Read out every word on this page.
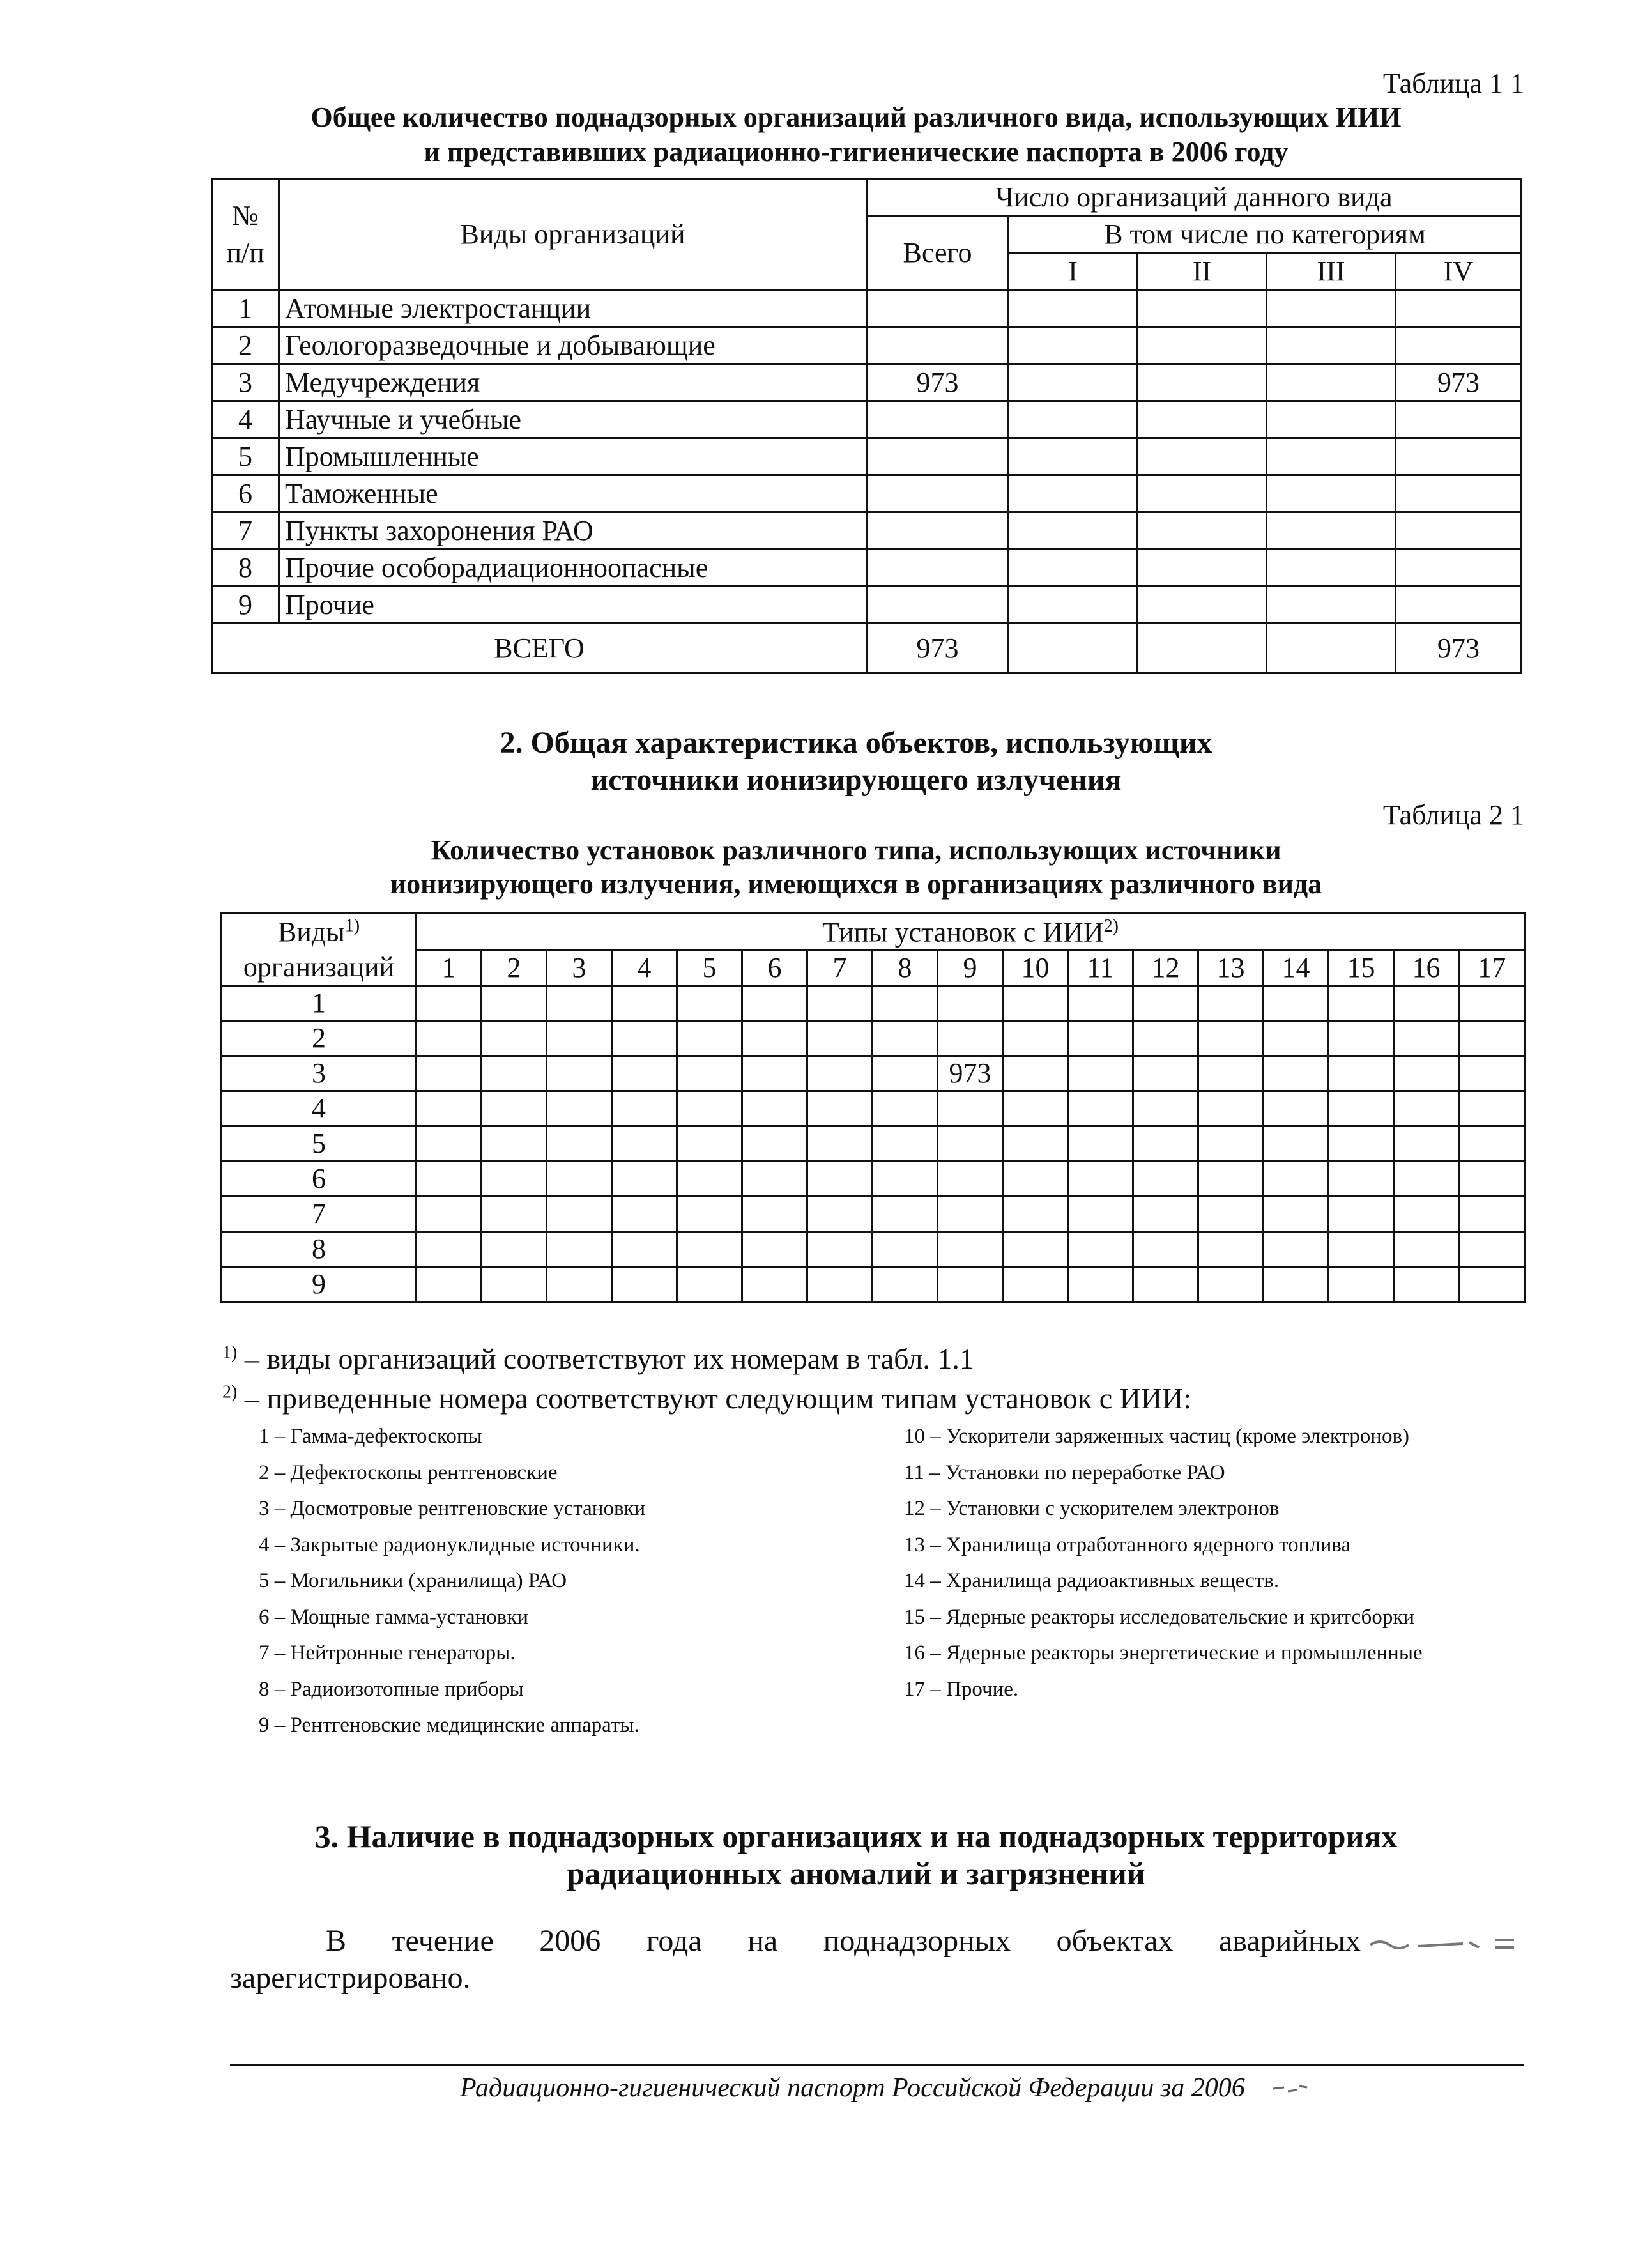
Таблица 1 1
Общее количество поднадзорных организаций различного вида, использующих ИИИ
и представивших радиационно-гигиенические паспорта в 2006 году
№ п/п	Виды организаций	Число организаций данного вида				
		Всего	В том числе по категориям			
			I	II	III	IV
1	Атомные электростанции					
2	Геологоразведочные и добывающие					
3	Медучреждения	973				973
4	Научные и учебные					
5	Промышленные					
6	Таможенные					
7	Пункты захоронения РАО					
8	Прочие особорадиационноопасные					
9	Прочие					
ВСЕГО		973				973
2. Общая характеристика объектов, использующих
источники ионизирующего излучения
Таблица 2 1
Количество установок различного типа, использующих источники
ионизирующего излучения, имеющихся в организациях различного вида
Виды$^{1)}$
организаций	Типы установок с ИИИ$^{2)}$
	1	2	3	4	5	6	7	8	9	10	11	12	13	14	15	16	17
1																	
2																	
3									973								
4																	
5																	
6																	
7																	
8																	
9																	
$^{1)}$ – виды организаций соответствуют их номерам в табл. 1.1
$^{2)}$ – приведенные номера соответствуют следующим типам установок с ИИИ:
1 – Гамма-дефектоскопы
2 – Дефектоскопы рентгеновские
3 – Досмотровые рентгеновские установки
4 – Закрытые радионуклидные источники.
5 – Могильники (хранилища) РАО
6 – Мощные гамма-установки
7 – Нейтронные генераторы.
8 – Радиоизотопные приборы
9 – Рентгеновские медицинские аппараты.
10 – Ускорители заряженных частиц (кроме электронов)
11 – Установки по переработке РАО
12 – Установки с ускорителем электронов
13 – Хранилища отработанного ядерного топлива
14 – Хранилища радиоактивных веществ.
15 – Ядерные реакторы исследовательские и критсборки
16 – Ядерные реакторы энергетические и промышленные
17 – Прочие.
3. Наличие в поднадзорных организациях и на поднадзорных территориях
радиационных аномалий и загрязнений
В течение 2006 года на поднадзорных объектах аварийных
зарегистрировано.
Радиационно-гигиенический паспорт Российской Федерации за 2006
